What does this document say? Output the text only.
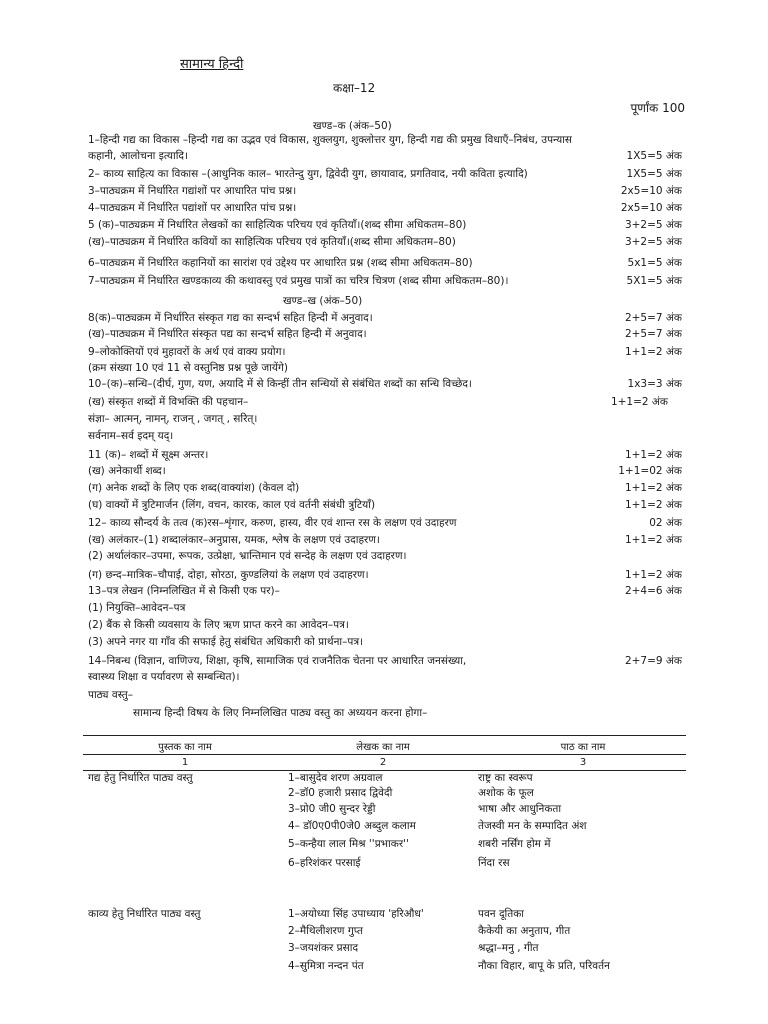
सामान्य हिन्दी
कक्षा–12
पूर्णांक 100
खण्ड–क (अंक–50)
1–हिन्दी गद्य का विकास –हिन्दी गद्य का उद्भव एवं विकास, शुक्लयुग, शुक्लोत्तर युग, हिन्दी गद्य की प्रमुख विधाएँ–निबंध, उपन्यास
कहानी, आलोचना इत्यादि।	1X5=5 अंक
2– काव्य साहित्य का विकास –(आधुनिक काल– भारतेन्दु युग, द्विवेदी युग, छायावाद, प्रगतिवाद, नयी कविता इत्यादि)	1X5=5 अंक
3–पाठ्यक्रम में निर्धारित गद्यांशों पर आधारित पांच प्रश्न।	2x5=10 अंक
4–पाठ्यक्रम में निर्धारित पद्यांशों पर आधारित पांच प्रश्न।	2x5=10 अंक
5 (क)–पाठ्यक्रम में निर्धारित लेखकों का साहित्यिक परिचय एवं कृतियाँ।(शब्द सीमा अधिकतम–80)	3+2=5 अंक
(ख)–पाठ्यक्रम में निर्धारित कवियों का साहित्यिक परिचय एवं कृतियाँ।(शब्द सीमा अधिकतम–80)	3+2=5 अंक
6–पाठ्यक्रम में निर्धारित कहानियों का सारांश एवं उद्देश्य पर आधारित प्रश्न (शब्द सीमा अधिकतम–80)	5x1=5 अंक
7–पाठ्यक्रम में निर्धारित खण्डकाव्य की कथावस्तु एवं प्रमुख पात्रों का चरित्र चित्रण (शब्द सीमा अधिकतम–80)।	5X1=5 अंक
खण्ड–ख (अंक–50)
8(क)–पाठ्यक्रम में निर्धारित संस्कृत गद्य का सन्दर्भ सहित हिन्दी में अनुवाद।	2+5=7 अंक
(ख)–पाठ्यक्रम में निर्धारित संस्कृत पद्य का सन्दर्भ सहित हिन्दी में अनुवाद।	2+5=7 अंक
9–लोकोक्तियों एवं मुहावरों के अर्थ एवं वाक्य प्रयोग।	1+1=2 अंक
(क्रम संख्या 10 एवं 11 से वस्तुनिष्ठ प्रश्न पूछे जायेंगे)
10–(क)–सन्धि–(दीर्घ, गुण, यण, अयादि में से किन्हीं तीन सन्धियों से संबंधित शब्दों का सन्धि विच्छेद।	1x3=3 अंक
(ख) संस्कृत शब्दों में विभक्ति की पहचान–	1+1=2 अंक
संज्ञा– आत्मन्, नामन्, राजन् , जगत् , सरित्।
सर्वनाम–सर्व इदम् यद्।
11 (क)– शब्दों में सूक्ष्म अन्तर।	1+1=2 अंक
(ख) अनेकार्थी शब्द।	1+1=02 अंक
(ग) अनेक शब्दों के लिए एक शब्द(वाक्यांश) (केवल दो)	1+1=2 अंक
(घ) वाक्यों में त्रुटिमार्जन (लिंग, वचन, कारक, काल एवं वर्तनी संबंधी त्रुटियाँ)	1+1=2 अंक
12– काव्य सौन्दर्य के तत्व (क)रस–शृंगार, करुण, हास्य, वीर एवं शान्त रस के लक्षण एवं उदाहरण	02 अंक
(ख) अलंकार–(1) शब्दालंकार–अनुप्रास, यमक, श्लेष के लक्षण एवं उदाहरण।	1+1=2 अंक
(2) अर्थालंकार–उपमा, रूपक, उत्प्रेक्षा, भ्रान्तिमान एवं सन्देह के लक्षण एवं उदाहरण।
(ग) छन्द–मात्रिक–चौपाई, दोहा, सोरठा, कुण्डलियां के लक्षण एवं उदाहरण।	1+1=2 अंक
13–पत्र लेखन (निम्नलिखित में से किसी एक पर)–	2+4=6 अंक
(1) नियुक्ति–आवेदन–पत्र
(2) बैंक से किसी व्यवसाय के लिए ऋण प्राप्त करने का आवेदन–पत्र।
(3) अपने नगर या गाँव की सफाई हेतु संबंधित अधिकारी को प्रार्थना–पत्र।
14–निबन्ध (विज्ञान, वाणिज्य, शिक्षा, कृषि, सामाजिक एवं राजनैतिक चेतना पर आधारित जनसंख्या,	2+7=9 अंक
स्वास्थ्य शिक्षा व पर्यावरण से सम्बन्धित)।
पाठ्य वस्तु–
सामान्य हिन्दी विषय के लिए निम्नलिखित पाठ्य वस्तु का अध्ययन करना होगा–
पुस्तक का नाम	लेखक का नाम	पाठ का नाम
1	2	3
गद्य हेतु निर्धारित पाठ्य वस्तु	1–बासुदेव शरण अग्रवाल	राष्ट्र का स्वरूप
2–डॉ0 हजारी प्रसाद द्विवेदी	अशोक के फूल
3–प्रो0 जी0 सुन्दर रेड्डी	भाषा और आधुनिकता
4– डॉ0ए0पी0जे0 अब्दुल कलाम	तेजस्वी मन के सम्पादित अंश
5–कन्हैया लाल मिश्र ''प्रभाकर''	शबरी नर्सिंग होम में
6–हरिशंकर परसाई	निंदा रस
काव्य हेतु निर्धारित पाठ्य वस्तु	1–अयोध्या सिंह उपाध्याय 'हरिऔध'	पवन दूतिका
2–मैथिलीशरण गुप्त	कैकेयी का अनुताप, गीत
3–जयशंकर प्रसाद	श्रद्धा–मनु , गीत
4–सुमित्रा नन्दन पंत	नौका विहार, बापू के प्रति, परिवर्तन
